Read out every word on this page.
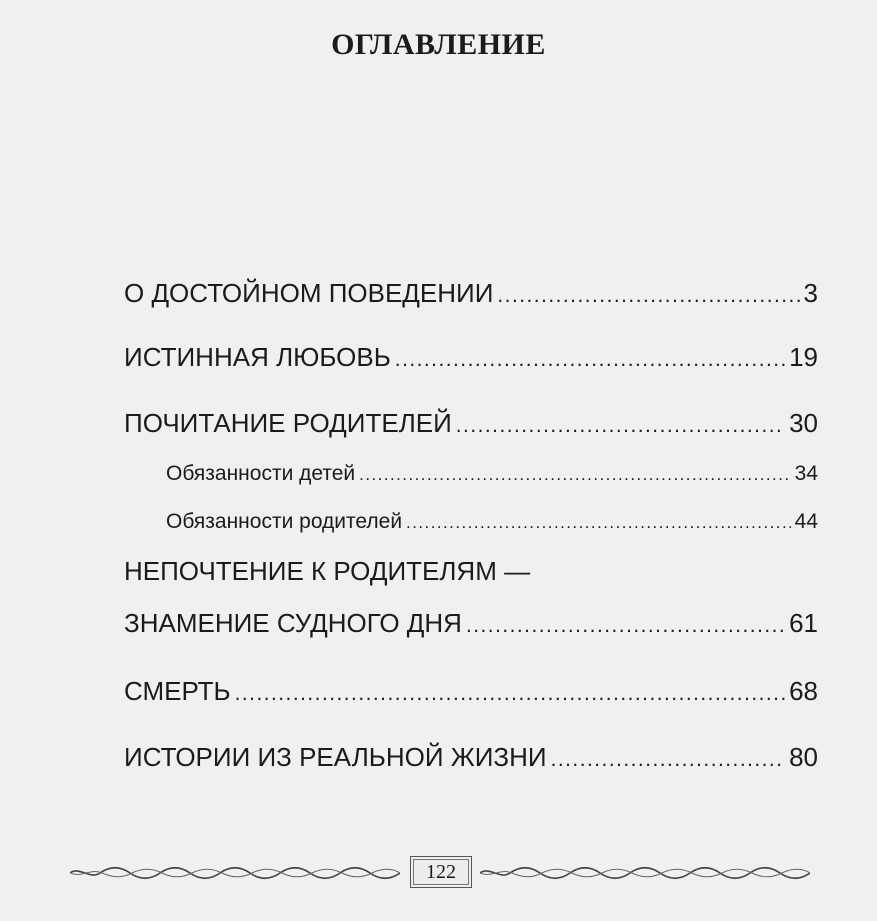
ОГЛАВЛЕНИЕ
О ДОСТОЙНОМ ПОВЕДЕНИИ .....	3
ИСТИННАЯ ЛЮБОВЬ .....	19
ПОЧИТАНИЕ РОДИТЕЛЕЙ .....	30
Обязанности детей .....	34
Обязанности родителей .....	44
НЕПОЧТЕНИЕ К РОДИТЕЛЯМ —
ЗНАМЕНИЕ СУДНОГО ДНЯ .....	61
СМЕРТЬ .....	68
ИСТОРИИ ИЗ РЕАЛЬНОЙ ЖИЗНИ .....	80
122
